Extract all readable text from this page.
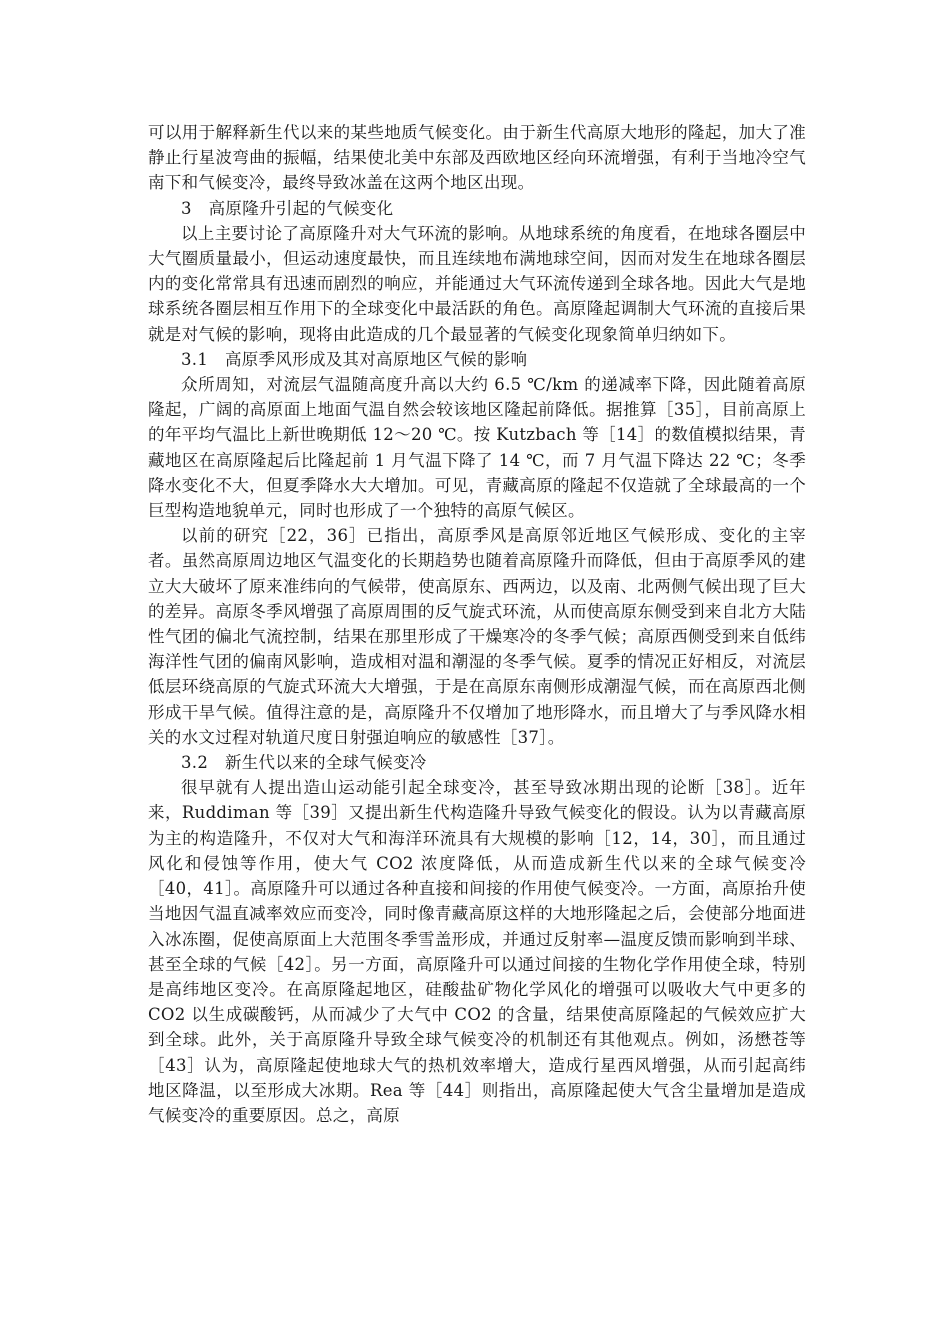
可以用于解释新生代以来的某些地质气候变化。由于新生代高原大地形的隆起，加大了准静止行星波弯曲的振幅，结果使北美中东部及西欧地区经向环流增强，有利于当地冷空气南下和气候变冷，最终导致冰盖在这两个地区出现。

3　高原隆升引起的气候变化

以上主要讨论了高原隆升对大气环流的影响。从地球系统的角度看，在地球各圈层中大气圈质量最小，但运动速度最快，而且连续地布满地球空间，因而对发生在地球各圈层内的变化常常具有迅速而剧烈的响应，并能通过大气环流传递到全球各地。因此大气是地球系统各圈层相互作用下的全球变化中最活跃的角色。高原隆起调制大气环流的直接后果就是对气候的影响，现将由此造成的几个最显著的气候变化现象简单归纳如下。

3.1　高原季风形成及其对高原地区气候的影响

众所周知，对流层气温随高度升高以大约 6.5 ℃/km 的递减率下降，因此随着高原隆起，广阔的高原面上地面气温自然会较该地区隆起前降低。据推算［35］，目前高原上的年平均气温比上新世晚期低 12～20 ℃。按 Kutzbach 等［14］的数值模拟结果，青藏地区在高原隆起后比隆起前 1 月气温下降了 14 ℃，而 7 月气温下降达 22 ℃；冬季降水变化不大，但夏季降水大大增加。可见，青藏高原的隆起不仅造就了全球最高的一个巨型构造地貌单元，同时也形成了一个独特的高原气候区。

以前的研究［22，36］已指出，高原季风是高原邻近地区气候形成、变化的主宰者。虽然高原周边地区气温变化的长期趋势也随着高原隆升而降低，但由于高原季风的建立大大破坏了原来准纬向的气候带，使高原东、西两边，以及南、北两侧气候出现了巨大的差异。高原冬季风增强了高原周围的反气旋式环流，从而使高原东侧受到来自北方大陆性气团的偏北气流控制，结果在那里形成了干燥寒冷的冬季气候；高原西侧受到来自低纬海洋性气团的偏南风影响，造成相对温和潮湿的冬季气候。夏季的情况正好相反，对流层低层环绕高原的气旋式环流大大增强，于是在高原东南侧形成潮湿气候，而在高原西北侧形成干旱气候。值得注意的是，高原隆升不仅增加了地形降水，而且增大了与季风降水相关的水文过程对轨道尺度日射强迫响应的敏感性［37］。

3.2　新生代以来的全球气候变冷

很早就有人提出造山运动能引起全球变冷，甚至导致冰期出现的论断［38］。近年来，Ruddiman 等［39］又提出新生代构造隆升导致气候变化的假设。认为以青藏高原为主的构造隆升，不仅对大气和海洋环流具有大规模的影响［12，14，30］，而且通过风化和侵蚀等作用，使大气 CO2 浓度降低，从而造成新生代以来的全球气候变冷［40，41］。高原隆升可以通过各种直接和间接的作用使气候变冷。一方面，高原抬升使当地因气温直减率效应而变冷，同时像青藏高原这样的大地形隆起之后，会使部分地面进入冰冻圈，促使高原面上大范围冬季雪盖形成，并通过反射率—温度反馈而影响到半球、甚至全球的气候［42］。另一方面，高原隆升可以通过间接的生物化学作用使全球，特别是高纬地区变冷。在高原隆起地区，硅酸盐矿物化学风化的增强可以吸收大气中更多的 CO2 以生成碳酸钙，从而减少了大气中 CO2 的含量，结果使高原隆起的气候效应扩大到全球。此外，关于高原隆升导致全球气候变冷的机制还有其他观点。例如，汤懋苍等［43］认为，高原隆起使地球大气的热机效率增大，造成行星西风增强，从而引起高纬地区降温，以至形成大冰期。Rea 等［44］则指出，高原隆起使大气含尘量增加是造成气候变冷的重要原因。总之，高原
